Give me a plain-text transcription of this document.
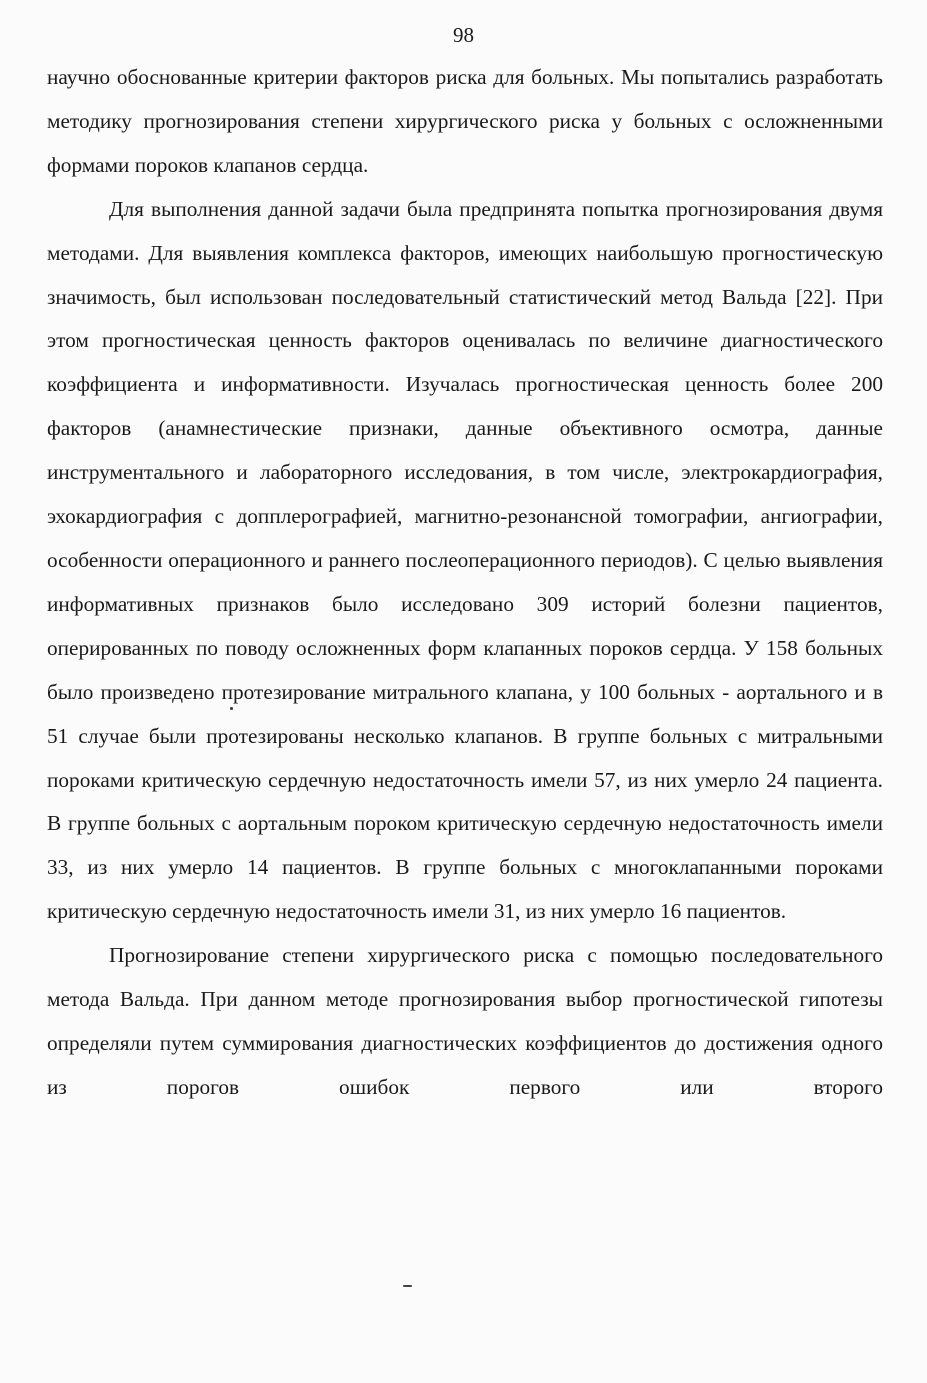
98

научно обоснованные критерии факторов риска для больных. Мы попытались разработать методику прогнозирования степени хирургического риска у больных с осложненными формами пороков клапанов сердца.

Для выполнения данной задачи была предпринята попытка прогнозирования двумя методами. Для выявления комплекса факторов, имеющих наибольшую прогностическую значимость, был использован последовательный статистический метод Вальда [22]. При этом прогностическая ценность факторов оценивалась по величине диагностического коэффициента и информативности. Изучалась прогностическая ценность более 200 факторов (анамнестические признаки, данные объективного осмотра, данные инструментального и лабораторного исследования, в том числе, электрокардиография, эхокардиография с допплерографией, магнитно-резонансной томографии, ангиографии, особенности операционного и раннего послеоперационного периодов). С целью выявления информативных признаков было исследовано 309 историй болезни пациентов, оперированных по поводу осложненных форм клапанных пороков сердца. У 158 больных было произведено протезирование митрального клапана, у 100 больных - аортального и в 51 случае были протезированы несколько клапанов. В группе больных с митральными пороками критическую сердечную недостаточность имели 57, из них умерло 24 пациента. В группе больных с аортальным пороком критическую сердечную недостаточность имели 33, из них умерло 14 пациентов. В группе больных с многоклапанными пороками критическую сердечную недостаточность имели 31, из них умерло 16 пациентов.

Прогнозирование степени хирургического риска с помощью последовательного метода Вальда. При данном методе прогнозирования выбор прогностической гипотезы определяли путем суммирования диагностических коэффициентов до достижения одного из порогов ошибок первого или второго
